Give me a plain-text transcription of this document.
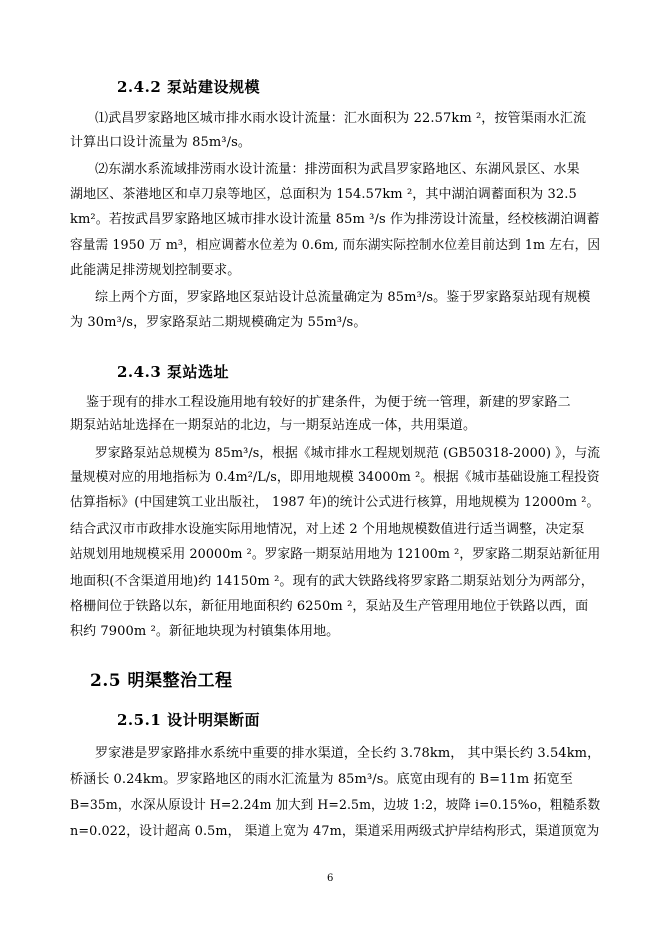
2.4.2 泵站建设规模
⑴武昌罗家路地区城市排水雨水设计流量：汇水面积为 22.57km ²，按管渠雨水汇流
计算出口设计流量为 85m³/s。
⑵东湖水系流域排涝雨水设计流量：排涝面积为武昌罗家路地区、东湖风景区、水果
湖地区、茶港地区和卓刀泉等地区，总面积为 154.57km ²，其中湖泊调蓄面积为 32.5
km²。若按武昌罗家路地区城市排水设计流量 85m ³/s 作为排涝设计流量，经校核湖泊调蓄
容量需 1950 万 m³，相应调蓄水位差为 0.6m, 而东湖实际控制水位差目前达到 1m 左右，因
此能满足排涝规划控制要求。
综上两个方面，罗家路地区泵站设计总流量确定为 85m³/s。鉴于罗家路泵站现有规模
为 30m³/s，罗家路泵站二期规模确定为 55m³/s。
2.4.3 泵站选址
鉴于现有的排水工程设施用地有较好的扩建条件，为便于统一管理，新建的罗家路二
期泵站站址选择在一期泵站的北边，与一期泵站连成一体，共用渠道。
罗家路泵站总规模为 85m³/s，根据《城市排水工程规划规范 (GB50318-2000) 》，与流
量规模对应的用地指标为 0.4m²/L/s，即用地规模 34000m ²。根据《城市基础设施工程投资
估算指标》(中国建筑工业出版社， 1987 年)的统计公式进行核算，用地规模为 12000m ²。
结合武汉市市政排水设施实际用地情况，对上述 2 个用地规模数值进行适当调整，决定泵
站规划用地规模采用 20000m ²。罗家路一期泵站用地为 12100m ²，罗家路二期泵站新征用
地面积(不含渠道用地)约 14150m ²。现有的武大铁路线将罗家路二期泵站划分为两部分，
格栅间位于铁路以东，新征用地面积约 6250m ²，泵站及生产管理用地位于铁路以西，面
积约 7900m ²。新征地块现为村镇集体用地。
2.5 明渠整治工程
2.5.1 设计明渠断面
罗家港是罗家路排水系统中重要的排水渠道，全长约 3.78km， 其中渠长约 3.54km，
桥涵长 0.24km。罗家路地区的雨水汇流量为 85m³/s。底宽由现有的 B=11m 拓宽至
B=35m，水深从原设计 H=2.24m 加大到 H=2.5m，边坡 1:2，坡降 i=0.15%o，粗糙系数
n=0.022，设计超高 0.5m， 渠道上宽为 47m，渠道采用两级式护岸结构形式，渠道顶宽为
6
